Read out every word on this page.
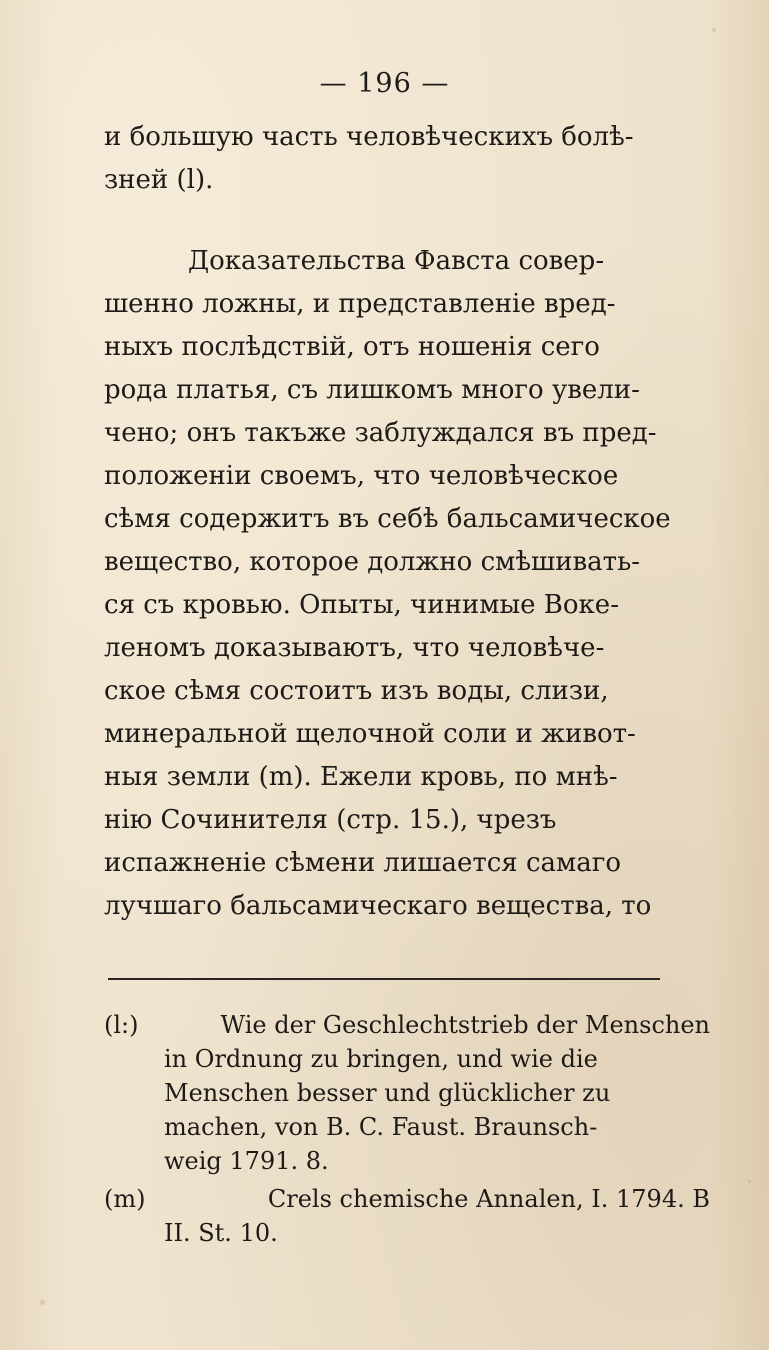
— 196 —
и большую часть человѣческихъ болѣ-
зней (l).
Доказательства Фавста совер-
шенно ложны, и представленіе вред-
ныхъ послѣдствій, отъ ношенія сего
рода платья, съ лишкомъ много увели-
чено; онъ такъже заблуждался въ пред-
положеніи своемъ, что человѣческое
сѣмя содержитъ въ себѣ бальсамическое
вещество, которое должно смѣшивать-
ся съ кровью. Опыты, чинимые Воке-
леномъ доказываютъ, что человѣче-
ское сѣмя состоитъ изъ воды, слизи,
минеральной щелочной соли и живот-
ныя земли (m). Ежели кровь, по мнѣ-
нію Сочинителя (стр. 15.), чрезъ
испажненіе сѣмени лишается самаго
лучшаго бальсамическаго вещества, то
(l:)	Wie der Geschlechtstrieb der Menschen
in Ordnung zu bringen, und wie die
Menschen besser und glücklicher zu
machen, von B. C. Faust. Braunsch-
weig 1791. 8.
(m)	Crels chemische Annalen, I. 1794. B
II. St. 10.
